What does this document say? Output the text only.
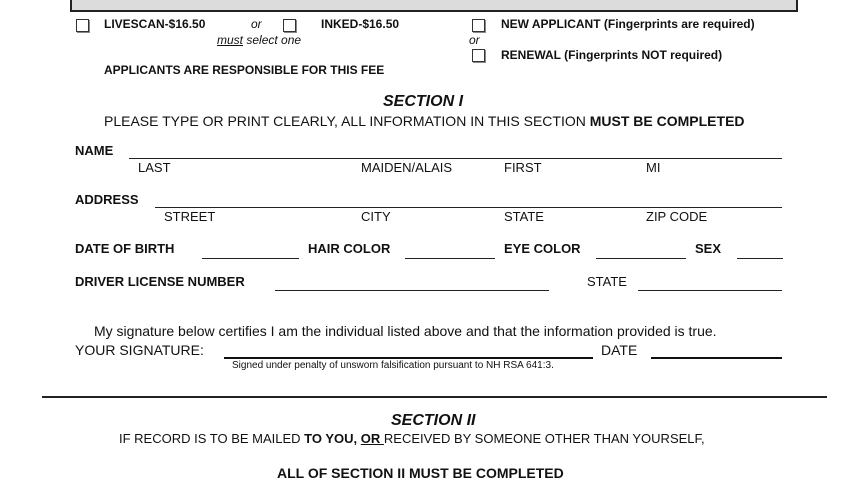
LIVESCAN-$16.50	or	INKED-$16.50
must select one
APPLICANTS ARE RESPONSIBLE FOR THIS FEE
NEW APPLICANT (Fingerprints are required)
or
RENEWAL (Fingerprints NOT required)
SECTION I
PLEASE TYPE OR PRINT CLEARLY, ALL INFORMATION IN THIS SECTION MUST BE COMPLETED
NAME
LAST	MAIDEN/ALAIS	FIRST	MI
ADDRESS
STREET	CITY	STATE	ZIP CODE
DATE OF BIRTH	HAIR COLOR	EYE COLOR	SEX
DRIVER LICENSE NUMBER	STATE
My signature below certifies I am the individual listed above and that the information provided is true.
YOUR SIGNATURE:	DATE
Signed under penalty of unsworn falsification pursuant to NH RSA 641:3.
SECTION II
IF RECORD IS TO BE MAILED TO YOU, OR RECEIVED BY SOMEONE OTHER THAN YOURSELF,
ALL OF SECTION II MUST BE COMPLETED
